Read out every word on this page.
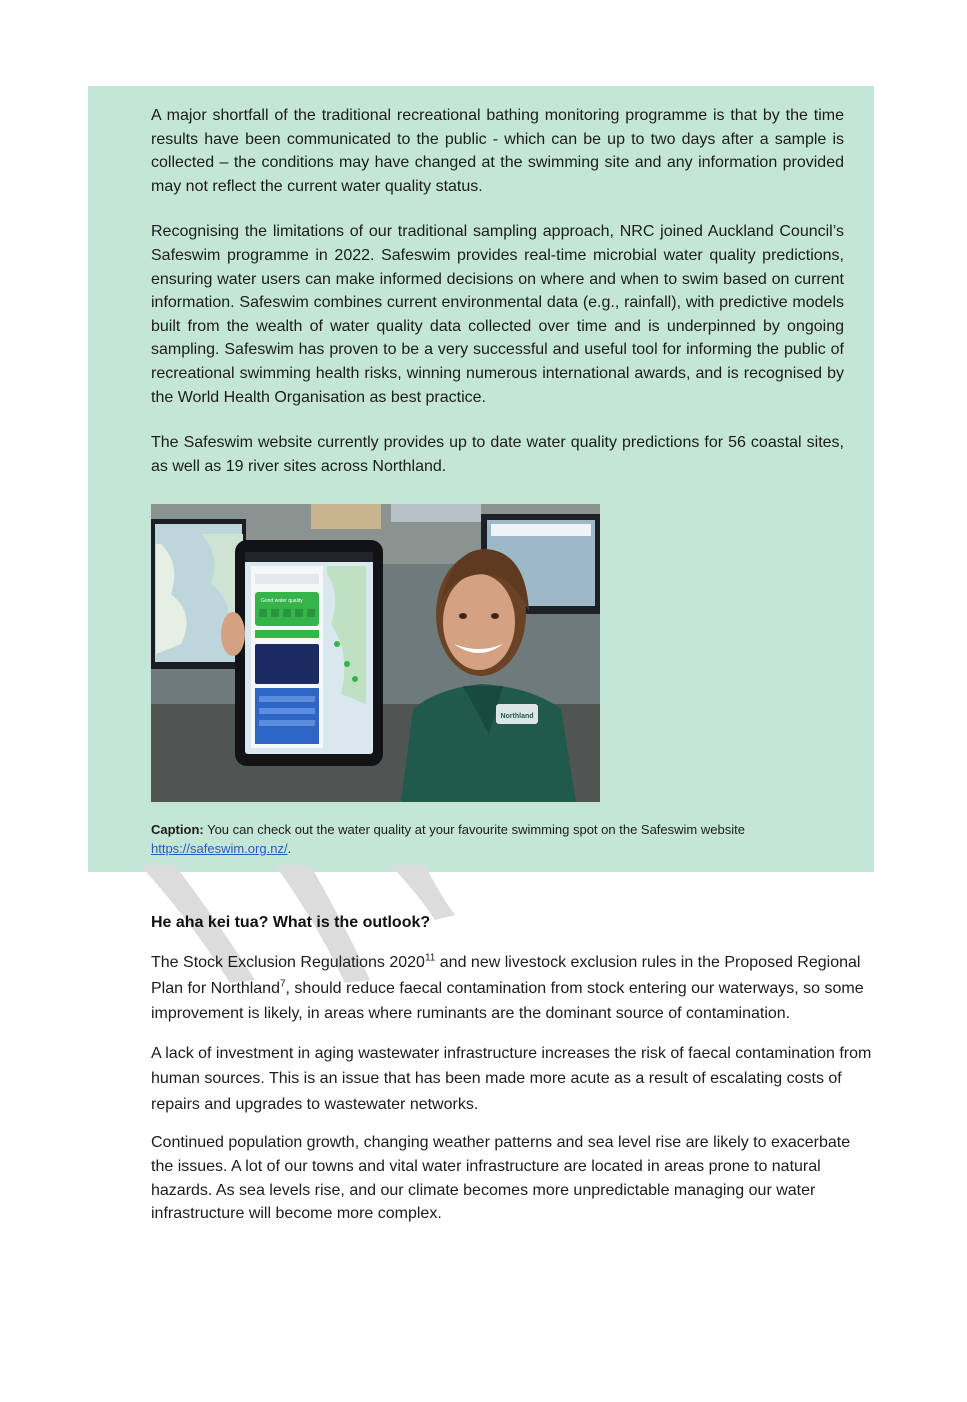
A major shortfall of the traditional recreational bathing monitoring programme is that by the time results have been communicated to the public - which can be up to two days after a sample is collected – the conditions may have changed at the swimming site and any information provided may not reflect the current water quality status.

Recognising the limitations of our traditional sampling approach, NRC joined Auckland Council’s Safeswim programme in 2022. Safeswim provides real-time microbial water quality predictions, ensuring water users can make informed decisions on where and when to swim based on current information. Safeswim combines current environmental data (e.g., rainfall), with predictive models built from the wealth of water quality data collected over time and is underpinned by ongoing sampling. Safeswim has proven to be a very successful and useful tool for informing the public of recreational swimming health risks, winning numerous international awards, and is recognised by the World Health Organisation as best practice.

The Safeswim website currently provides up to date water quality predictions for 56 coastal sites, as well as 19 river sites across Northland.

Northland
Good water quality
Caption: You can check out the water quality at your favourite swimming spot on the Safeswim website
https://safeswim.org.nz/.
He aha kei tua? What is the outlook?

The Stock Exclusion Regulations 2020$^{11}$ and new livestock exclusion rules in the Proposed Regional Plan for Northland$^7$, should reduce faecal contamination from stock entering our waterways, so some improvement is likely, in areas where ruminants are the dominant source of contamination.

A lack of investment in aging wastewater infrastructure increases the risk of faecal contamination from human sources. This is an issue that has been made more acute as a result of escalating costs of repairs and upgrades to wastewater networks.

Continued population growth, changing weather patterns and sea level rise are likely to exacerbate the issues. A lot of our towns and vital water infrastructure are located in areas prone to natural hazards. As sea levels rise, and our climate becomes more unpredictable managing our water infrastructure will become more complex.
